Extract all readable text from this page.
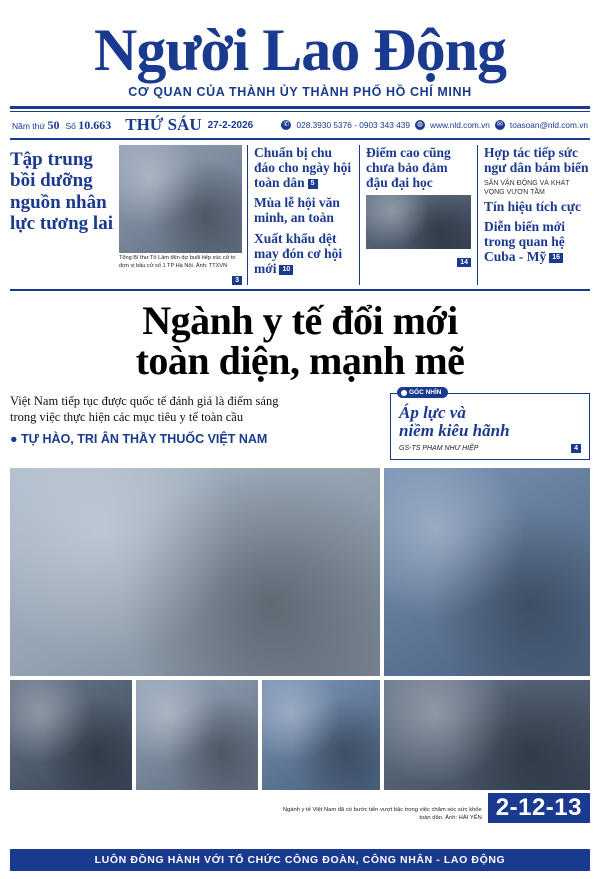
Người Lao Động
CƠ QUAN CỦA THÀNH ỦY THÀNH PHỐ HỒ CHÍ MINH
Năm thứ 50 Số 10.663 THỨ SÁU 27-2-2026	✆ 028.3930 5376 - 0903 343 439 ◍ www.nld.com.vn ✉ toasoan@nld.com.vn
Tập trung bồi dưỡng nguồn nhân lực tương lai
Tổng Bí thư Tô Lâm đến dự buổi tiếp xúc cử tri đơn vị bầu cử số 1 TP Hà Nội. Ảnh: TTXVN
3
Chuẩn bị chu đáo cho ngày hội toàn dân 5
Mùa lễ hội văn minh, an toàn
Xuất khẩu dệt may đón cơ hội mới 10
Điểm cao cũng chưa bảo đảm đậu đại học
14
Hợp tác tiếp sức ngư dân bám biển
SÂN VẬN ĐỘNG VÀ KHÁT VỌNG VƯƠN TẦM
Tín hiệu tích cực
Diễn biến mới trong quan hệ Cuba - Mỹ 16
Ngành y tế đổi mới
toàn diện, mạnh mẽ
Việt Nam tiếp tục được quốc tế đánh giá là điểm sáng
trong việc thực hiện các mục tiêu y tế toàn cầu
● TỰ HÀO, TRI ÂN THẦY THUỐC VIỆT NAM
GÓC NHÌN
Áp lực và
niềm kiêu hãnh
GS-TS PHẠM NHƯ HIỆP	4
Ngành y tế Việt Nam đã có bước tiến vượt bậc trong việc chăm sóc sức khỏe toàn dân. Ảnh: HẢI YẾN 2-12-13
LUÔN ĐỒNG HÀNH VỚI TỔ CHỨC CÔNG ĐOÀN, CÔNG NHÂN - LAO ĐỘNG
